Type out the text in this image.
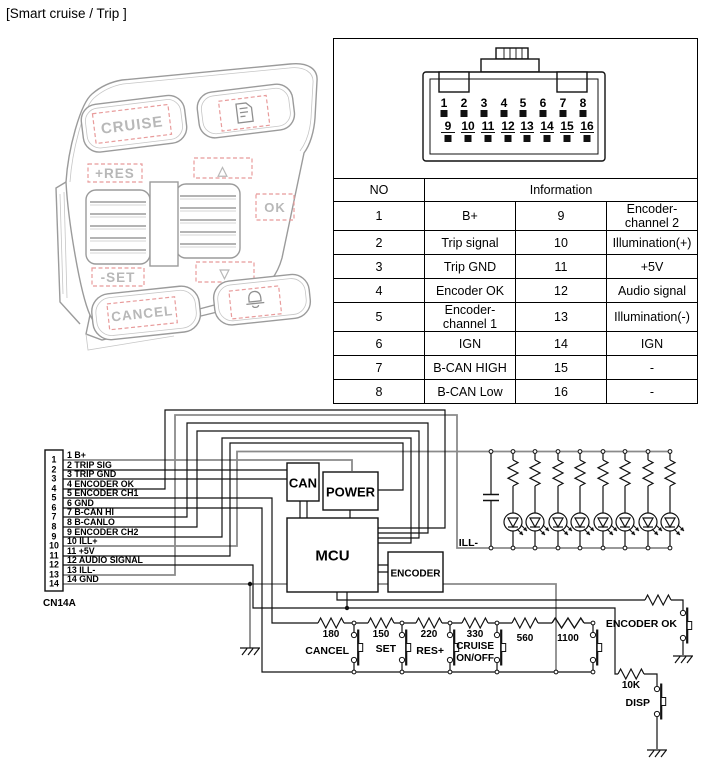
[Smart cruise / Trip ]
CRUISE
+RES	△
OK
-SET	▽
CANCEL
1 2 3 4 5 6 7 8
9 10 11 12 13 14 15 16

NO	Information		
1	B+	9	Encoder-channel 2
2	Trip signal	10	Illumination(+)
3	Trip GND	11	+5V
4	Encoder OK	12	Audio signal
5	Encoder-channel 1	13	Illumination(-)
6	IGN	14	IGN
7	B-CAN HIGH	15	-
8	B-CAN Low	16	-
CAN
POWER
MCU
ENCODER
1
2
3
4
5
6
7
8
9
10
11
12
13
14
1 B+
2 TRIP SIG
3 TRIP GND
4 ENCODER OK
5 ENCODER CH1
6 GND
7 B-CAN HI
8 B-CANLO
9 ENCODER CH2
10 ILL+
11 +5V
12 AUDIO SIGNAL
13 ILL-
14 GND
CN14A
180	150	220	330	560 1100
CANCEL	SET RES+ CRUISE
ON/OFF
ENCODER OK
10K
DISP
ILL-
